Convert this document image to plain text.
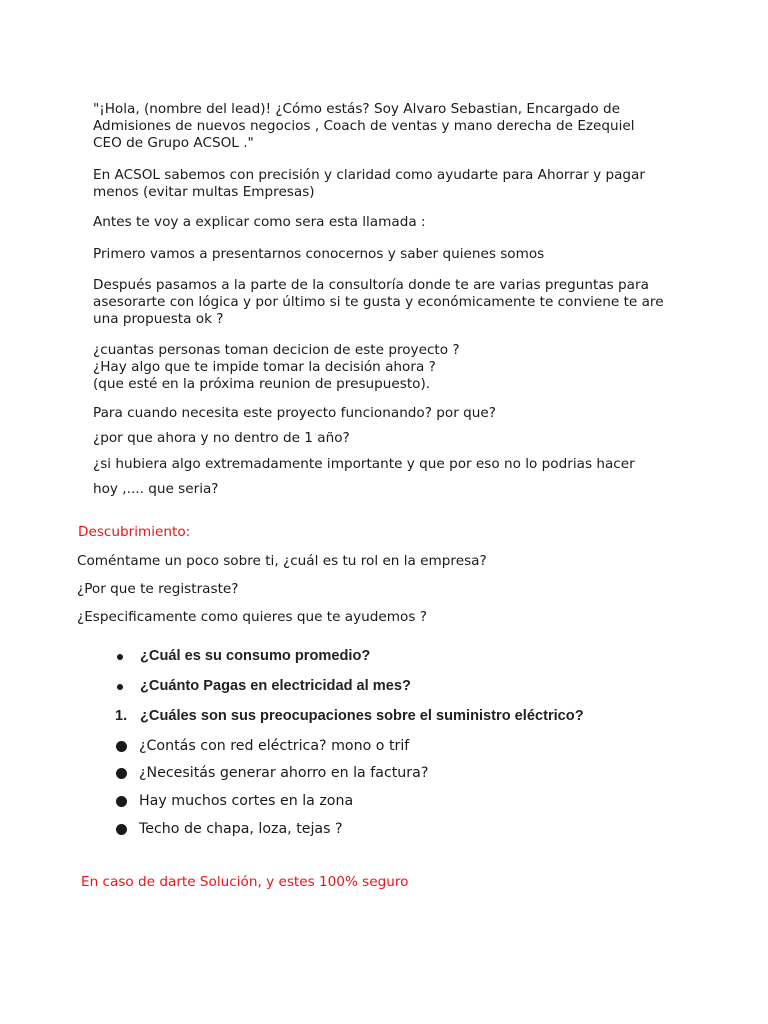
"¡Hola, (nombre del lead)! ¿Cómo estás? Soy Alvaro Sebastian, Encargado de
Admisiones de nuevos negocios , Coach de ventas y mano derecha de Ezequiel
CEO de Grupo ACSOL ."
En ACSOL sabemos con precisión y claridad como ayudarte para Ahorrar y pagar
menos (evitar multas Empresas)
Antes te voy a explicar como sera esta llamada :
Primero vamos a presentarnos conocernos y saber quienes somos
Después pasamos a la parte de la consultoría donde te are varias preguntas para
asesorarte con lógica y por último si te gusta y económicamente te conviene te are
una propuesta ok ?
¿cuantas personas toman decicion de este proyecto ?
¿Hay algo que te impide tomar la decisión ahora ?
(que esté en la próxima reunion de presupuesto).
Para cuando necesita este proyecto funcionando? por que?
¿por que ahora y no dentro de 1 año?
¿si hubiera algo extremadamente importante y que por eso no lo podrias hacer
hoy ,.... que seria?
Descubrimiento:
Coméntame un poco sobre ti, ¿cuál es tu rol en la empresa?
¿Por que te registraste?
¿Especificamente como quieres que te ayudemos ?
¿Cuál es su consumo promedio?
¿Cuánto Pagas en electricidad al mes?
1. ¿Cuáles son sus preocupaciones sobre el suministro eléctrico?
¿Contás con red eléctrica? mono o trif
¿Necesitás generar ahorro en la factura?
Hay muchos cortes en la zona
Techo de chapa, loza, tejas ?
En caso de darte Solución, y estes 100% seguro
